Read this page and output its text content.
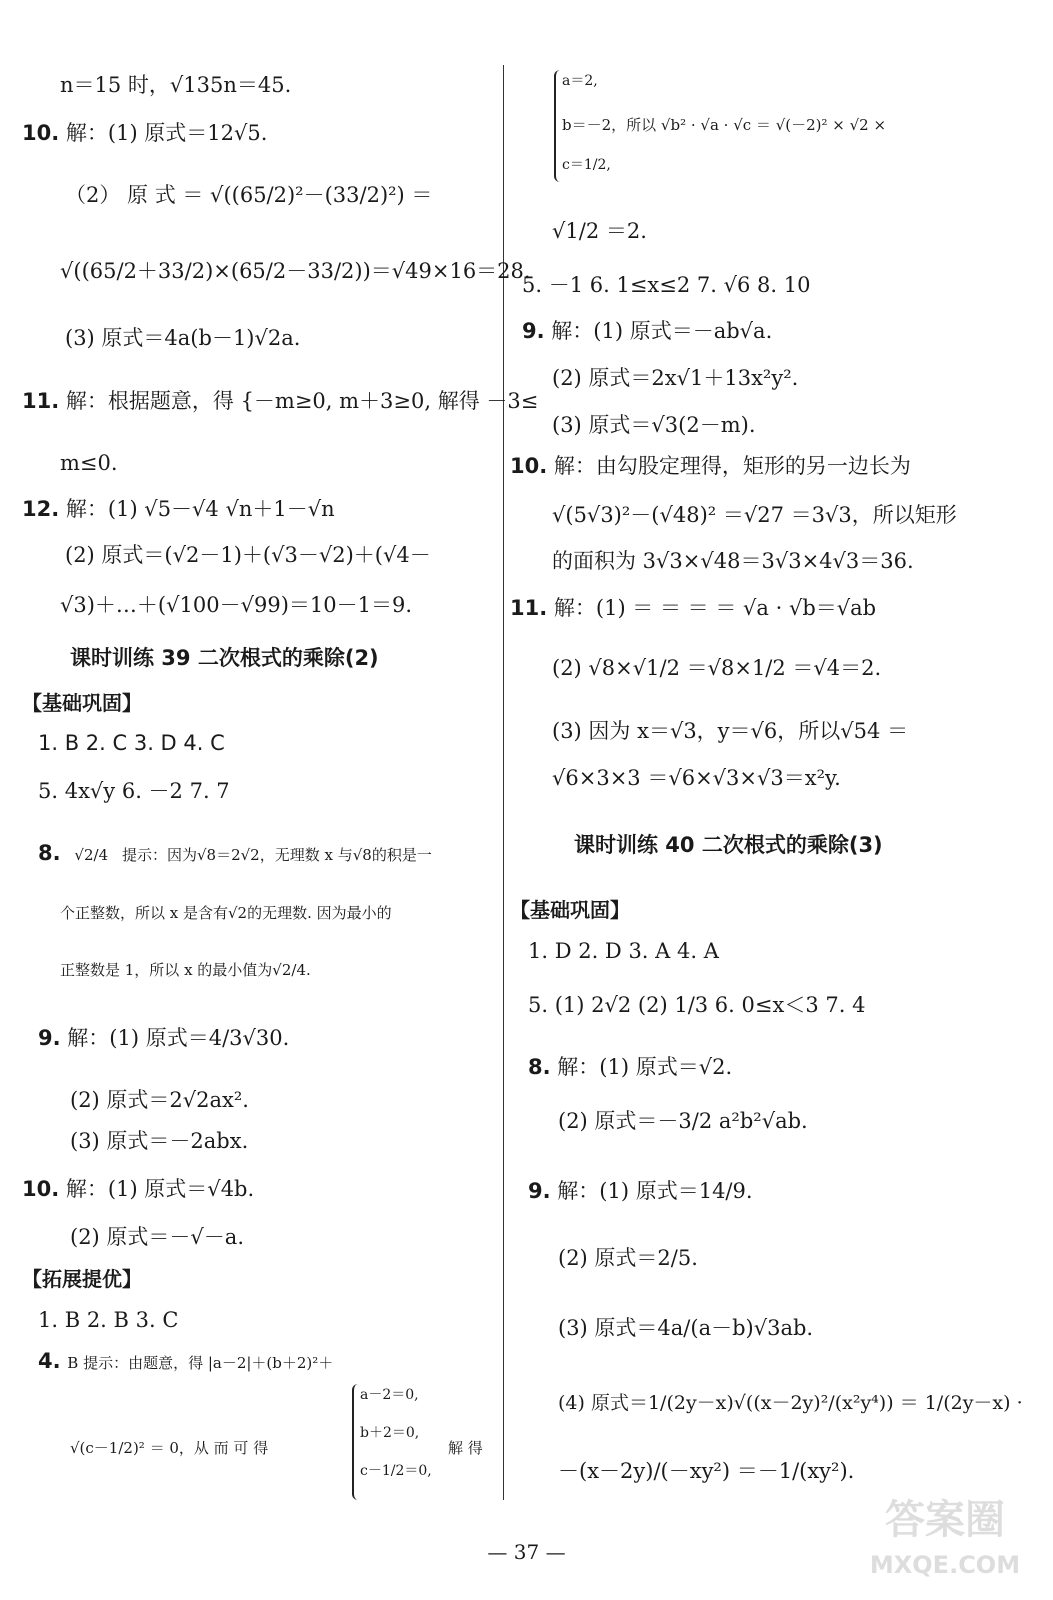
n＝15 时，√135n＝45.
10. 解：(1) 原式＝12√5.
（2） 原 式 ＝ √((65/2)²－(33/2)²) ＝
√((65/2＋33/2)×(65/2－33/2))＝√49×16＝28.
(3) 原式＝4a(b－1)√2a.
11. 解：根据题意，得 {－m≥0, m＋3≥0, 解得 －3≤
m≤0.
12. 解：(1) √5－√4 √n＋1－√n
(2) 原式＝(√2－1)＋(√3－√2)＋(√4－
√3)＋…＋(√100－√99)＝10－1＝9.
课时训练 39 二次根式的乘除(2)
【基础巩固】
1. B 2. C 3. D 4. C
5. 4x√y 6. －2 7. 7
8. √2/4 提示：因为√8＝2√2，无理数 x 与√8的积是一
个正整数，所以 x 是含有√2的无理数. 因为最小的
正整数是 1，所以 x 的最小值为√2/4.
9. 解：(1) 原式＝4/3√30.
(2) 原式＝2√2ax².
(3) 原式＝－2abx.
10. 解：(1) 原式＝√4b.
(2) 原式＝－√－a.
【拓展提优】
1. B 2. B 3. C
4. B 提示：由题意，得 |a－2|＋(b＋2)²＋
√(c－1/2)² ＝ 0，从 而 可 得
a－2＝0,
b＋2＝0,
c－1/2＝0,
解 得
a＝2,
b＝－2，所以 √b² · √a · √c ＝ √(－2)² × √2 ×
c＝1/2,
√1/2 ＝2.
5. －1 6. 1≤x≤2 7. √6 8. 10
9. 解：(1) 原式＝－ab√a.
(2) 原式＝2x√1＋13x²y².
(3) 原式＝√3(2－m).
10. 解：由勾股定理得，矩形的另一边长为
√(5√3)²－(√48)² ＝√27 ＝3√3，所以矩形
的面积为 3√3×√48＝3√3×4√3＝36.
11. 解：(1) ＝ ＝ ＝ ＝ √a · √b＝√ab
(2) √8×√1/2 ＝√8×1/2 ＝√4＝2.
(3) 因为 x＝√3，y＝√6，所以√54 ＝
√6×3×3 ＝√6×√3×√3＝x²y.
课时训练 40 二次根式的乘除(3)
【基础巩固】
1. D 2. D 3. A 4. A
5. (1) 2√2 (2) 1/3 6. 0≤x＜3 7. 4
8. 解：(1) 原式＝√2.
(2) 原式＝－3/2 a²b²√ab.
9. 解：(1) 原式＝14/9.
(2) 原式＝2/5.
(3) 原式＝4a/(a－b)√3ab.
(4) 原式＝1/(2y－x)√((x－2y)²/(x²y⁴)) ＝ 1/(2y－x) ·
－(x－2y)/(－xy²) ＝－1/(xy²).
— 37 —
答案圈
MXQE.COM
